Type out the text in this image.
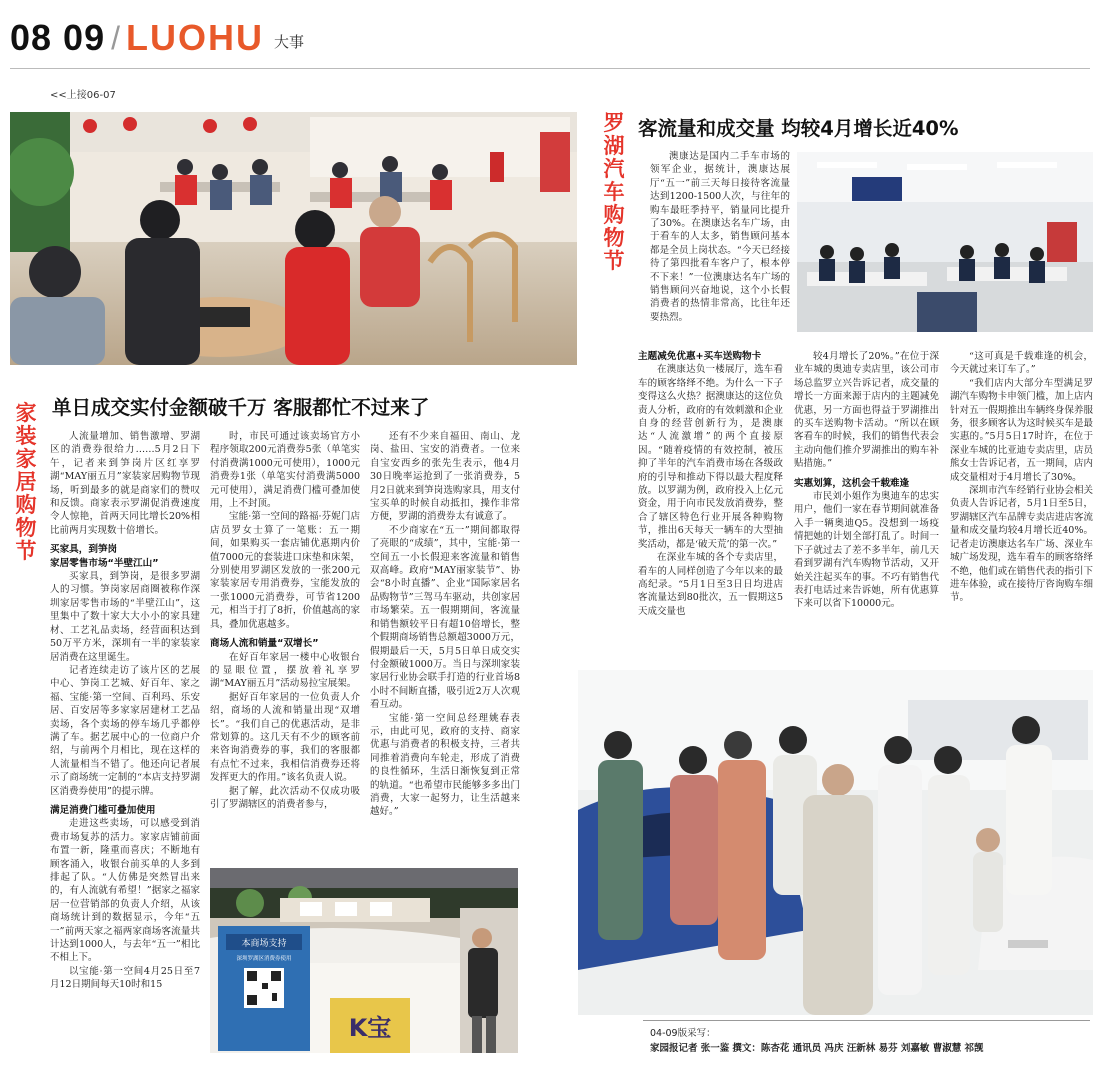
08 09 / LUOHU 大事
<<上接06-07
家装家居购物节
单日成交实付金额破千万 客服都忙不过来了

人流量增加、销售激增、罗湖区的消费券很给力……5月2日下午，记者来到笋岗片区红享罗湖“MAY丽五月”家装家居购物节现场，听到最多的就是商家们的赞叹和反馈。商家表示罗湖促消费速度令人惊艳，首两天同比增长20%相比前两月实现数十倍增长。

买家具，到笋岗
家居零售市场“半壁江山”

买家具，到笋岗，是很多罗湖人的习惯。笋岗家居商圈被称作深圳家居零售市场的“半壁江山”，这里集中了数十家大大小小的家具建材、工艺礼品卖场，经营面积达到50万平方米，深圳有一半的家装家居消费在这里诞生。

记者连续走访了该片区的艺展中心、笋岗工艺城、好百年、家之福、宝能·第一空间、百利玛、乐安居、百安居等多家家居建材工艺品卖场，各个卖场的停车场几乎都停满了车。据艺展中心的一位商户介绍，与前两个月相比，现在这样的人流量相当不错了。他还向记者展示了商场统一定制的“本店支持罗湖区消费券使用”的提示牌。

满足消费门槛可叠加使用

走进这些卖场，可以感受到消费市场复苏的活力。家家店铺前面布置一新，隆重而喜庆；不断地有顾客涌入，收银台前买单的人多到排起了队。“人仿佛是突然冒出来的，有人流就有希望！”据家之福家居一位营销部的负责人介绍，从该商场统计到的数据显示，今年“五一”前两天家之福两家商场客流量共计达到1000人，与去年“五一”相比不相上下。

以宝能·第一空间4月25日至7月12日期间每天10时和15

时，市民可通过该卖场官方小程序领取200元消费券5张（单笔实付消费满1000元可使用），1000元消费券1张（单笔实付消费满5000元可使用），满足消费门槛可叠加使用，上不封顶。

宝能·第一空间的路福·芬妮门店店员罗女士算了一笔账：五一期间，如果购买一套店铺优惠期内价值7000元的套装进口床垫和床架，分别使用罗湖区发放的一张200元家装家居专用消费券，宝能发放的一张1000元消费券，可节省1200元，相当于打了8折，价值越高的家具，叠加优惠越多。

商场人流和销量“双增长”

在好百年家居一楼中心收银台的显眼位置，摆放着礼享罗湖“MAY丽五月”活动易拉宝展架。

据好百年家居的一位负责人介绍，商场的人流和销量出现“双增长”。“我们自己的优惠活动，是非常划算的。这几天有不少的顾客前来咨询消费券的事，我们的客服都有点忙不过来，我相信消费券还将发挥更大的作用。”该名负责人说。

据了解，此次活动不仅成功吸引了罗湖辖区的消费者参与，

还有不少来自福田、南山、龙岗、盐田、宝安的消费者。一位来自宝安西乡的张先生表示，他4月30日晚率运抢到了一张消费券，5月2日就来到笋岗选购家具，用支付宝买单的时候自动抵扣，操作非常方便，罗湖的消费券太有诚意了。

不少商家在“五一”期间都取得了亮眼的“成绩”，其中，宝能·第一空间五一小长假迎来客流量和销售双高峰。政府“MAY丽家装节”、协会“8小时直播”、企业“国际家居名品购物节”三驾马车驱动，共创家居市场繁荣。五一假期期间，客流量和销售额较平日有超10倍增长，整个假期商场销售总额超3000万元，假期最后一天，5月5日单日成交实付金额破1000万。当日与深圳家装家居行业协会联手打造的行业首场8小时不间断直播，吸引近2万人次观看互动。

宝能·第一空间总经理姚春表示，由此可见，政府的支持、商家优惠与消费者的积极支持，三者共同推着消费向车轮走，形成了消费的良性循环，生活日渐恢复到正常的轨道。“也希望市民能够多多出门消费，大家一起努力，让生活越来越好。”

本商场支持
深圳罗湖区消费券使用
K宝
罗湖汽车购物节
客流量和成交量 均较4月增长近40%

澳康达是国内二手车市场的领军企业，据统计，澳康达展厅“五一”前三天每日接待客流量达到1200-1500人次，与往年的购车最旺季持平，销量同比提升了30%。在澳康达名车广场，由于看车的人太多，销售顾问基本都是全员上岗状态。“今天已经接待了第四批看车客户了，根本停不下来！”一位澳康达名车广场的销售顾问兴奋地说，这个小长假消费者的热情非常高，比往年还要热烈。

主题减免优惠+买车送购物卡

在澳康达负一楼展厅，选车看车的顾客络绎不绝。为什么一下子变得这么火热？据澳康达的这位负责人分析，政府的有效刺激和企业自身的经营创新行为，是澳康达“人流激增”的两个直接原因。“随着疫情的有效控制，被压抑了半年的汽车消费市场在各级政府的引导和推动下得以最大程度释放。以罗湖为例，政府投入上亿元资金，用于向市民发放消费券，整合了辖区特色行业开展各种购物节，推出6天每天一辆车的大型抽奖活动，都是‘破天荒’的第一次。”

在深业车城的各个专卖店里，看车的人同样创造了今年以来的最高纪录。“5月1日至3日日均进店客流量达到80批次，五一假期这5天成交量也

较4月增长了20%。”在位于深业车城的奥迪专卖店里，该公司市场总监罗立兴告诉记者，成交量的增长一方面来源于店内的主题减免优惠，另一方面也得益于罗湖推出的买车送购物卡活动。“所以在顾客看车的时候，我们的销售代表会主动向他们推介罗湖推出的购车补贴措施。”

实惠划算，这机会千载难逢

市民刘小姐作为奥迪车的忠实用户，他们一家在春节期间就准备入手一辆奥迪Q5。没想到一场疫情把她的计划全部打乱了。时间一下子就过去了差不多半年，前几天看到罗湖有汽车购物节活动，又开始关注起买车的事。不巧有销售代表打电话过来告诉她，所有优惠算下来可以省下10000元。

“这可真是千载难逢的机会，今天就过来订车了。”

“我们店内大部分车型满足罗湖汽车购物卡申领门槛，加上店内针对五一假期推出车辆终身保养服务，很多顾客认为这时候买车是最实惠的。”5月5日17时许，在位于深业车城的比亚迪专卖店里，店员熊女士告诉记者，五一期间，店内成交量相对于4月增长了30%。

深圳市汽车经销行业协会相关负责人告诉记者，5月1日至5日，罗湖辖区汽车品牌专卖店进店客流量和成交量均较4月增长近40%。记者走访澳康达名车广场、深业车城广场发现，选车看车的顾客络绎不绝，他们或在销售代表的指引下进车体验，或在接待厅咨询购车细节。

04-09版采写：
家园报记者 张一鉴 撰文：陈杏花 通讯员 冯庆 汪新林 易芬 刘嘉敏 曹淑慧 祁觊
